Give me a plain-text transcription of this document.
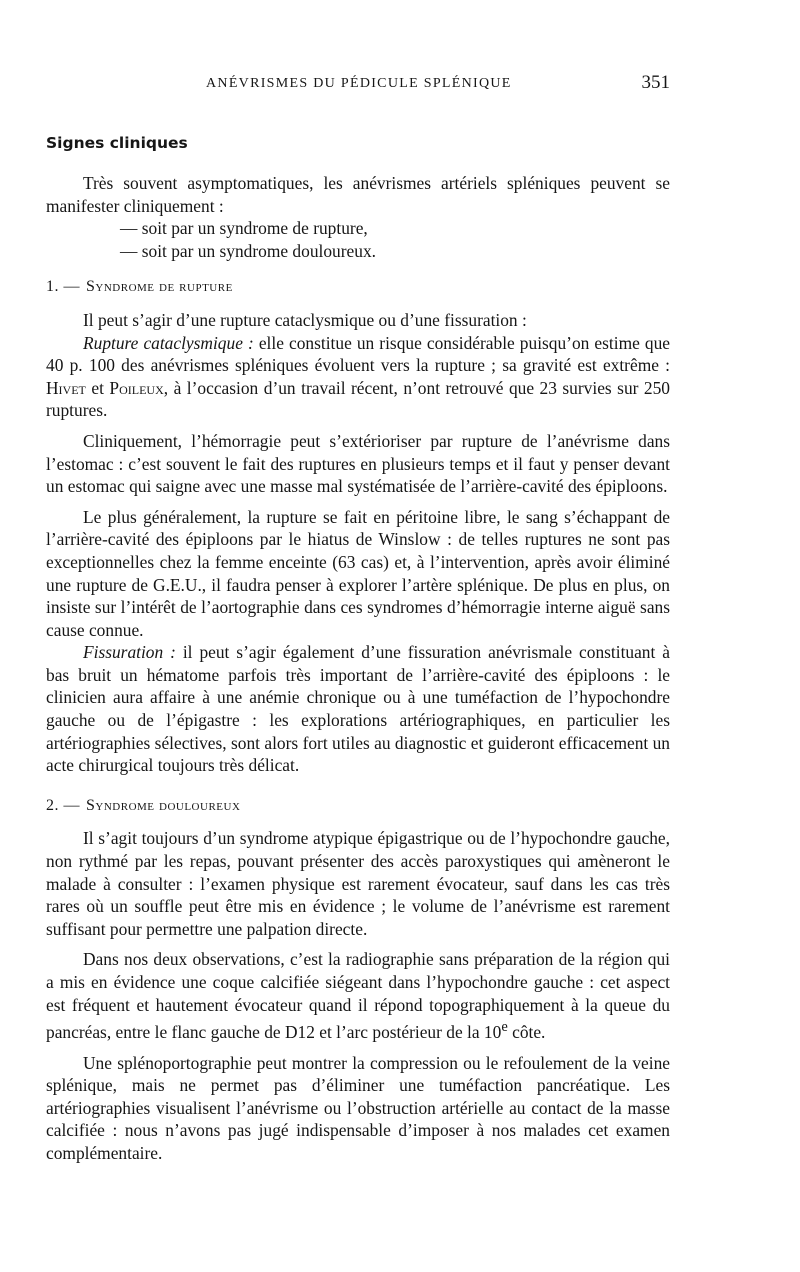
ANÉVRISMES DU PÉDICULE SPLÉNIQUE	351
Signes cliniques

Très souvent asymptomatiques, les anévrismes artériels spléniques peuvent se manifester cliniquement :

— soit par un syndrome de rupture,
— soit par un syndrome douloureux.
1. — Syndrome de rupture

Il peut s’agir d’une rupture cataclysmique ou d’une fissuration :

Rupture cataclysmique : elle constitue un risque considérable puisqu’on estime que 40 p. 100 des anévrismes spléniques évoluent vers la rupture ; sa gravité est extrême : Hivet et Poileux, à l’occasion d’un travail récent, n’ont retrouvé que 23 survies sur 250 ruptures.

Cliniquement, l’hémorragie peut s’extérioriser par rupture de l’anévrisme dans l’estomac : c’est souvent le fait des ruptures en plusieurs temps et il faut y penser devant un estomac qui saigne avec une masse mal systématisée de l’arrière-cavité des épiploons.

Le plus généralement, la rupture se fait en péritoine libre, le sang s’échappant de l’arrière-cavité des épiploons par le hiatus de Winslow : de telles ruptures ne sont pas exceptionnelles chez la femme enceinte (63 cas) et, à l’intervention, après avoir éliminé une rupture de G.E.U., il faudra penser à explorer l’artère splénique. De plus en plus, on insiste sur l’intérêt de l’aortographie dans ces syndromes d’hémorragie interne aiguë sans cause connue.

Fissuration : il peut s’agir également d’une fissuration anévrismale constituant à bas bruit un hématome parfois très important de l’arrière-cavité des épiploons : le clinicien aura affaire à une anémie chronique ou à une tuméfaction de l’hypochondre gauche ou de l’épigastre : les explorations artériographiques, en particulier les artériographies sélectives, sont alors fort utiles au diagnostic et guideront efficacement un acte chirurgical toujours très délicat.

2. — Syndrome douloureux

Il s’agit toujours d’un syndrome atypique épigastrique ou de l’hypochondre gauche, non rythmé par les repas, pouvant présenter des accès paroxystiques qui amèneront le malade à consulter : l’examen physique est rarement évocateur, sauf dans les cas très rares où un souffle peut être mis en évidence ; le volume de l’anévrisme est rarement suffisant pour permettre une palpation directe.

Dans nos deux observations, c’est la radiographie sans préparation de la région qui a mis en évidence une coque calcifiée siégeant dans l’hypochondre gauche : cet aspect est fréquent et hautement évocateur quand il répond topographiquement à la queue du pancréas, entre le flanc gauche de D12 et l’arc postérieur de la 10e côte.

Une splénoportographie peut montrer la compression ou le refoulement de la veine splénique, mais ne permet pas d’éliminer une tuméfaction pancréatique. Les artériographies visualisent l’anévrisme ou l’obstruction artérielle au contact de la masse calcifiée : nous n’avons pas jugé indispensable d’imposer à nos malades cet examen complémentaire.
